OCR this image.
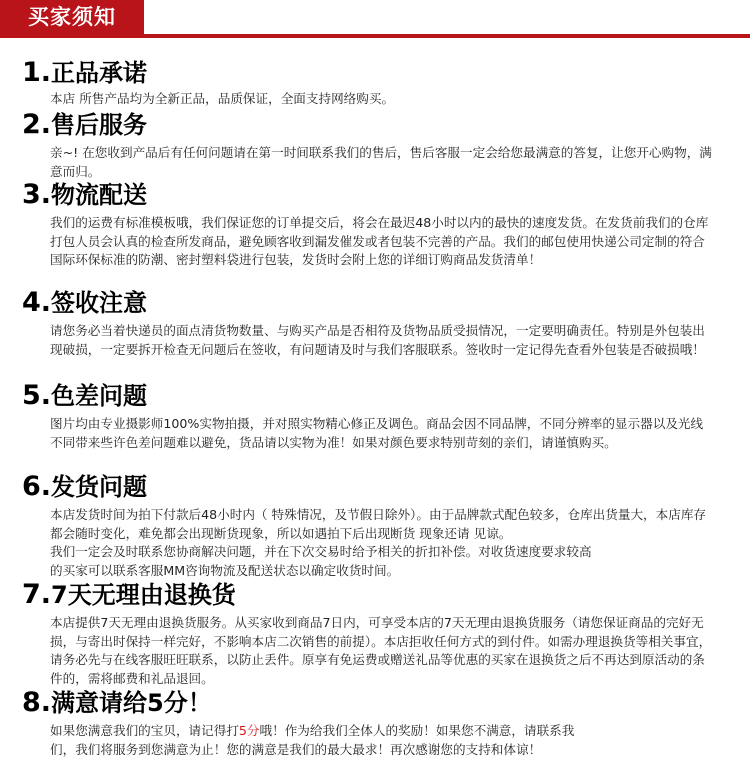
买家须知
1.正品承诺

本店 所售产品均为全新正品，品质保证，全面支持网络购买。

2.售后服务

亲~! 在您收到产品后有任何问题请在第一时间联系我们的售后，售后客服一定会给您最满意的答复，让您开心购物，满意而归。

3.物流配送

我们的运费有标准模板哦，我们保证您的订单提交后，将会在最迟48小时以内的最快的速度发货。在发货前我们的仓库打包人员会认真的检查所发商品，避免顾客收到漏发催发或者包装不完善的产品。我们的邮包使用快递公司定制的符合国际环保标准的防潮、密封塑料袋进行包装，发货时会附上您的详细订购商品发货清单！

4.签收注意

请您务必当着快递员的面点清货物数量、与购买产品是否相符及货物品质受损情况，一定要明确责任。特别是外包装出现破损，一定要拆开检查无问题后在签收，有问题请及时与我们客服联系。签收时一定记得先查看外包装是否破损哦！

5.色差问题

图片均由专业摄影师100%实物拍摄，并对照实物精心修正及调色。商品会因不同品牌，不同分辨率的显示器以及光线不同带来些许色差问题难以避免，货品请以实物为准！如果对颜色要求特别苛刻的亲们，请谨慎购买。

6.发货问题

本店发货时间为拍下付款后48小时内（ 特殊情况，及节假日除外）。由于品牌款式配色较多，仓库出货量大，本店库存都会随时变化，难免都会出现断货现象，所以如遇拍下后出现断货 现象还请 见谅。

我们一定会及时联系您协商解决问题，并在下次交易时给予相关的折扣补偿。对收货速度要求较高

的买家可以联系客服MM咨询物流及配送状态以确定收货时间。

7.7天无理由退换货

本店提供7天无理由退换货服务。从买家收到商品7日内，可享受本店的7天无理由退换货服务（请您保证商品的完好无损，与寄出时保持一样完好，不影响本店二次销售的前提）。本店拒收任何方式的到付件。如需办理退换货等相关事宜，请务必先与在线客服旺旺联系，以防止丢件。原享有免运费或赠送礼品等优惠的买家在退换货之后不再达到原活动的条件的，需将邮费和礼品退回。

8.满意请给5分！

如果您满意我们的宝贝，请记得打5分哦！作为给我们全体人的奖励！如果您不满意，请联系我

们，我们将服务到您满意为止！您的满意是我们的最大最求！再次感谢您的支持和体谅！
